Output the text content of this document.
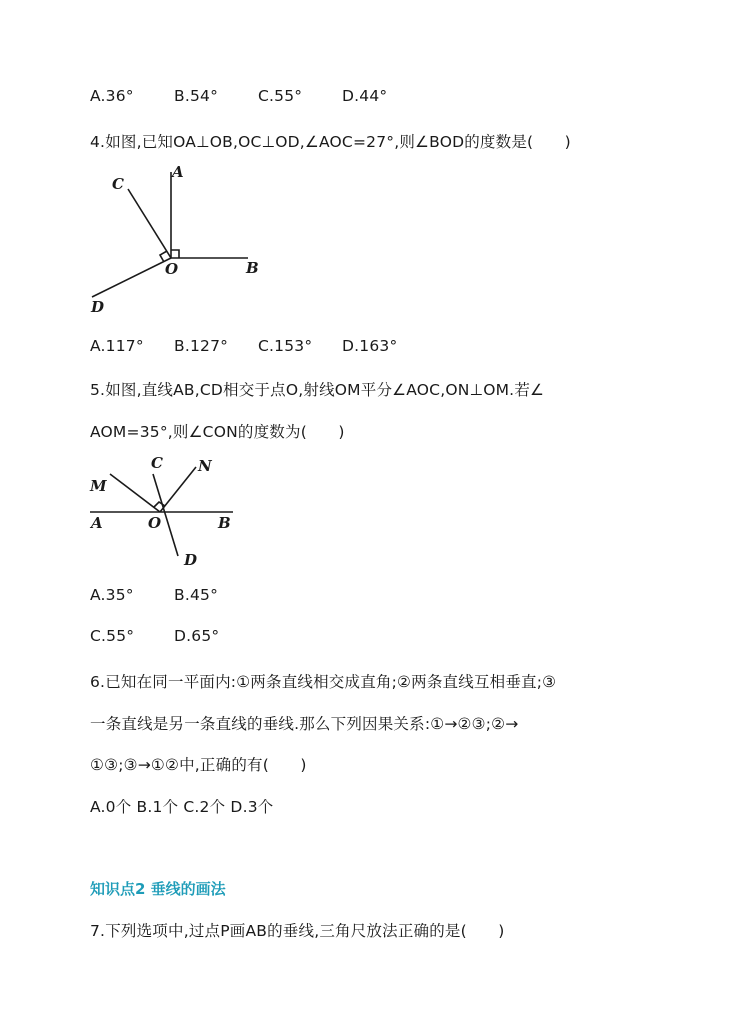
A.36°	B.54°	C.55°	D.44°
4.如图,已知OA⊥OB,OC⊥OD,∠AOC=27°,则∠BOD的度数是(　　)
A
C
O	B
D
A.117° B.127° C.153° D.163°
5.如图,直线AB,CD相交于点O,射线OM平分∠AOC,ON⊥OM.若∠
AOM=35°,则∠CON的度数为(　　)
M
C N
A	O	B
D
A.35°	B.45°
C.55°	D.65°
6.已知在同一平面内:①两条直线相交成直角;②两条直线互相垂直;③
一条直线是另一条直线的垂线.那么下列因果关系:①→②③;②→
①③;③→①②中,正确的有(　　)
A.0个 B.1个 C.2个 D.3个
知识点2 垂线的画法
7.下列选项中,过点P画AB的垂线,三角尺放法正确的是(　　)
